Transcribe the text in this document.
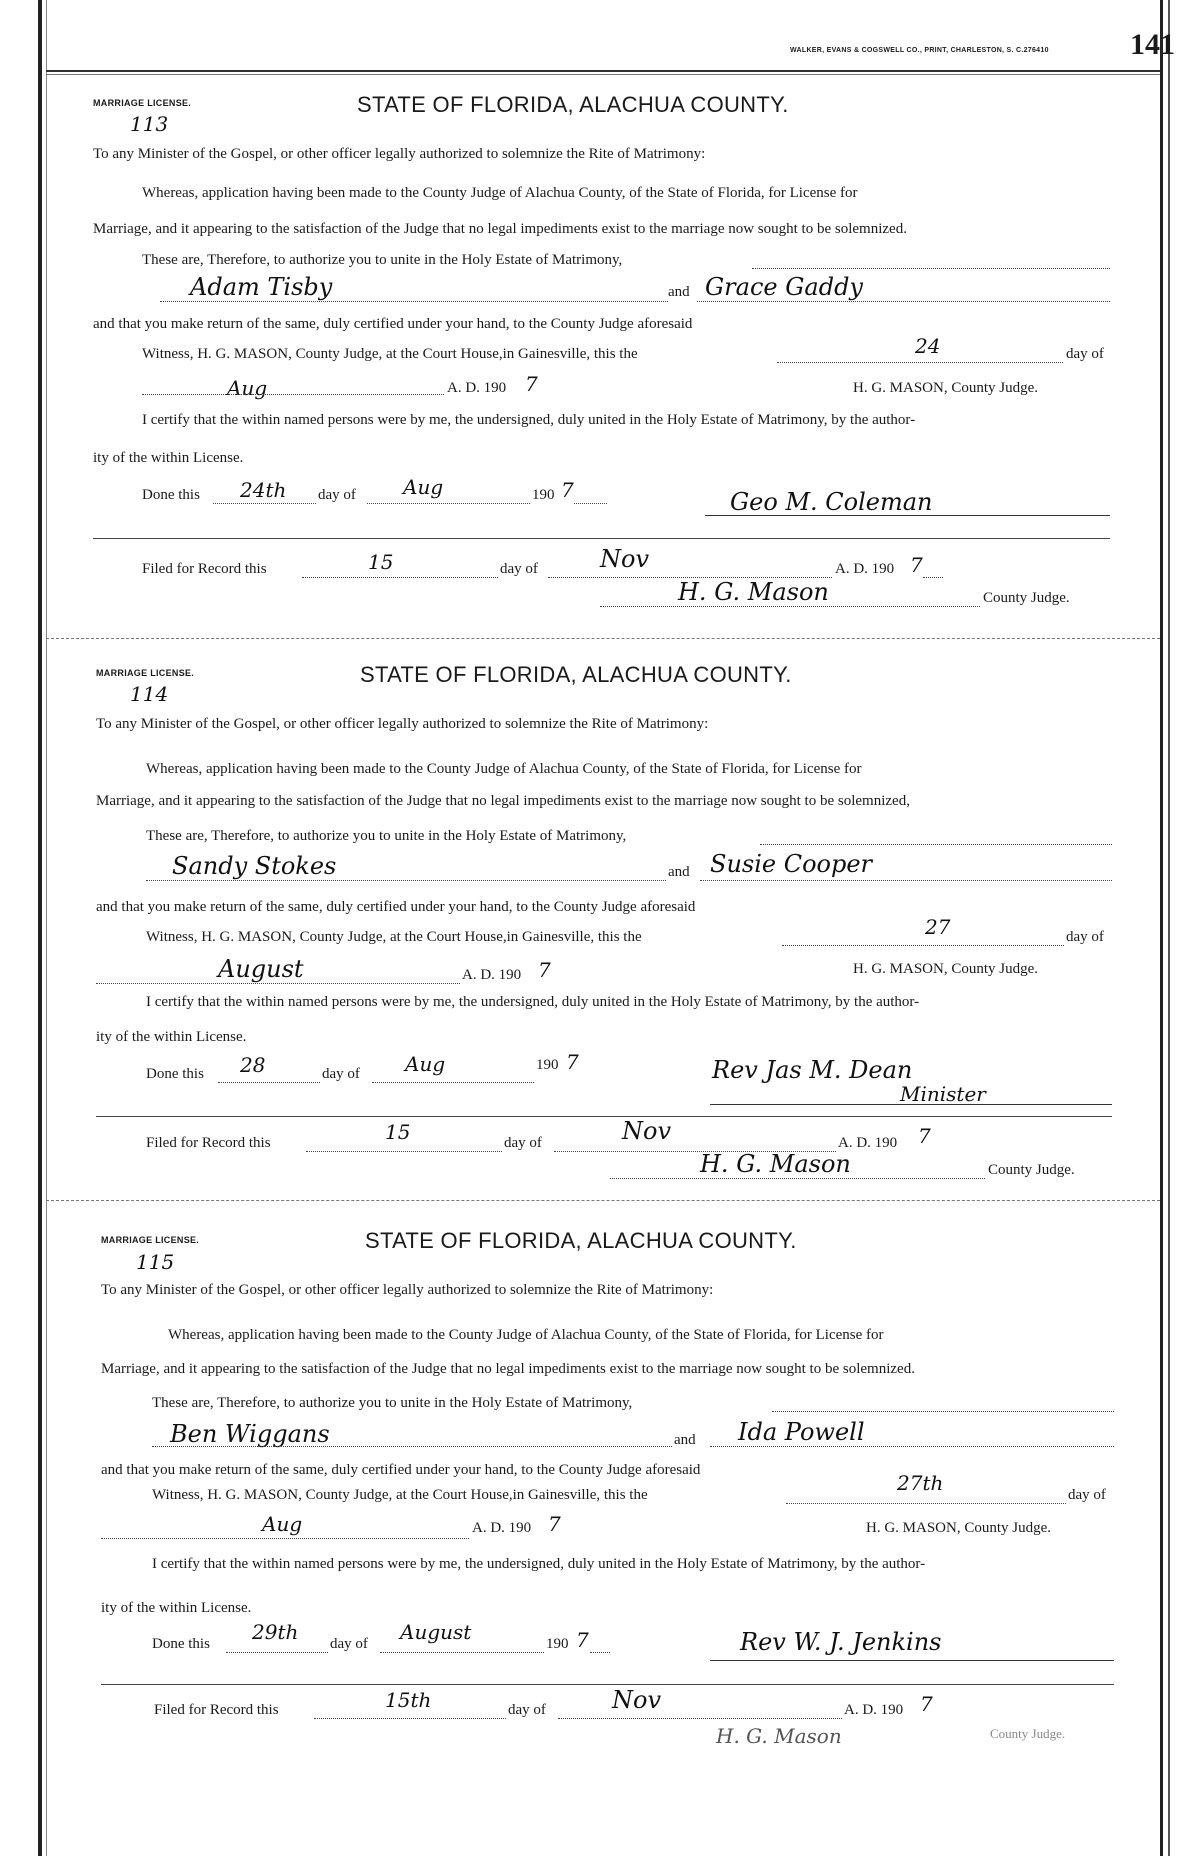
WALKER, EVANS & COGSWELL CO., PRINT, CHARLESTON, S. C.276410	141
MARRIAGE LICENSE.
113
STATE OF FLORIDA, ALACHUA COUNTY.
To any Minister of the Gospel, or other officer legally authorized to solemnize the Rite of Matrimony:
Whereas, application having been made to the County Judge of Alachua County, of the State of Florida, for License for
Marriage, and it appearing to the satisfaction of the Judge that no legal impediments exist to the marriage now sought to be solemnized.
These are, Therefore, to authorize you to unite in the Holy Estate of Matrimony,
Adam Tisby	and Grace Gaddy
and that you make return of the same, duly certified under your hand, to the County Judge aforesaid
Witness, H. G. MASON, County Judge, at the Court House,in Gainesville, this the	24	day of
Aug	A. D. 190 7	H. G. MASON, County Judge.
I certify that the within named persons were by me, the undersigned, duly united in the Holy Estate of Matrimony, by the author-
ity of the within License.
Done this 24th day of Aug	190 7	Geo M. Coleman
Filed for Record this	15	day of	Nov	A. D. 190 7
H. G. Mason	County Judge.
MARRIAGE LICENSE.
114
STATE OF FLORIDA, ALACHUA COUNTY.
To any Minister of the Gospel, or other officer legally authorized to solemnize the Rite of Matrimony:
Whereas, application having been made to the County Judge of Alachua County, of the State of Florida, for License for
Marriage, and it appearing to the satisfaction of the Judge that no legal impediments exist to the marriage now sought to be solemnized,
These are, Therefore, to authorize you to unite in the Holy Estate of Matrimony,
Sandy Stokes	and Susie Cooper
and that you make return of the same, duly certified under your hand, to the County Judge aforesaid
Witness, H. G. MASON, County Judge, at the Court House,in Gainesville, this the	27	day of
August	A. D. 190 7	H. G. MASON, County Judge.
I certify that the within named persons were by me, the undersigned, duly united in the Holy Estate of Matrimony, by the author-
ity of the within License.
Done this 28	day of Aug	190 7	Rev Jas M. Dean
Minister
Filed for Record this	15	day of	Nov	A. D. 190 7
H. G. Mason	County Judge.
MARRIAGE LICENSE.
115
STATE OF FLORIDA, ALACHUA COUNTY.
To any Minister of the Gospel, or other officer legally authorized to solemnize the Rite of Matrimony:
Whereas, application having been made to the County Judge of Alachua County, of the State of Florida, for License for
Marriage, and it appearing to the satisfaction of the Judge that no legal impediments exist to the marriage now sought to be solemnized.
These are, Therefore, to authorize you to unite in the Holy Estate of Matrimony,
Ben Wiggans	and Ida Powell
and that you make return of the same, duly certified under your hand, to the County Judge aforesaid
Witness, H. G. MASON, County Judge, at the Court House,in Gainesville, this the	27th	day of
Aug	A. D. 190 7	H. G. MASON, County Judge.
I certify that the within named persons were by me, the undersigned, duly united in the Holy Estate of Matrimony, by the author-
ity of the within License.
Done this 29th day of August	190 7	Rev W. J. Jenkins
Filed for Record this	15th	day of	Nov	A. D. 190 7
H. G. Mason	County Judge.
